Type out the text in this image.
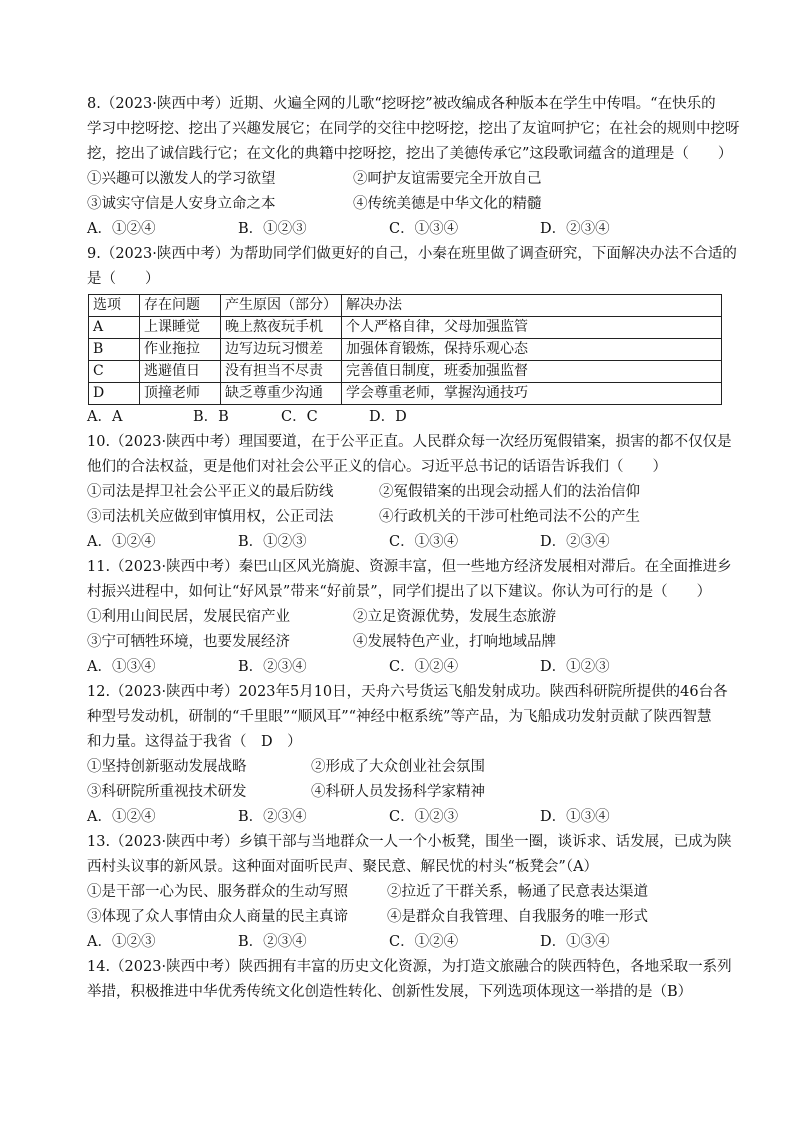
8.（2023·陕西中考）近期、火遍全网的儿歌“挖呀挖”被改编成各种版本在学生中传唱。“在快乐的
学习中挖呀挖、挖出了兴趣发展它；在同学的交往中挖呀挖，挖出了友谊呵护它；在社会的规则中挖呀
挖，挖出了诚信践行它；在文化的典籍中挖呀挖，挖出了美德传承它”这段歌词蕴含的道理是（　　）
①兴趣可以激发人的学习欲望	②呵护友谊需要完全开放自己
③诚实守信是人安身立命之本	④传统美德是中华文化的精髓
A．①②④	B．①②③	C．①③④	D．②③④
9.（2023·陕西中考）为帮助同学们做更好的自己，小秦在班里做了调查研究，下面解决办法不合适的
是（　　）
选项	存在问题	产生原因（部分）	解决办法
A	上课睡觉	晚上熬夜玩手机	个人严格自律，父母加强监管
B	作业拖拉	边写边玩习惯差	加强体育锻炼，保持乐观心态
C	逃避值日	没有担当不尽责	完善值日制度，班委加强监督
D	顶撞老师	缺乏尊重少沟通	学会尊重老师，掌握沟通技巧
A．A	B．B	C．C	D．D
10.（2023·陕西中考）理国要道，在于公平正直。人民群众每一次经历冤假错案，损害的都不仅仅是
他们的合法权益，更是他们对社会公平正义的信心。习近平总书记的话语告诉我们（　　）
①司法是捍卫社会公平正义的最后防线	②冤假错案的出现会动摇人们的法治信仰
③司法机关应做到审慎用权，公正司法	④行政机关的干涉可杜绝司法不公的产生
A．①②④	B．①②③	C．①③④	D．②③④
11.（2023·陕西中考）秦巴山区风光旖旎、资源丰富，但一些地方经济发展相对滞后。在全面推进乡
村振兴进程中，如何让“好风景”带来“好前景”，同学们提出了以下建议。你认为可行的是（　　）
①利用山间民居，发展民宿产业	②立足资源优势，发展生态旅游
③宁可牺牲环境，也要发展经济	④发展特色产业，打响地域品牌
A．①③④	B．②③④	C．①②④	D．①②③
12.（2023·陕西中考）2023年5月10日，天舟六号货运飞船发射成功。陕西科研院所提供的46台各
种型号发动机，研制的“千里眼”“顺风耳”“神经中枢系统”等产品，为飞船成功发射贡献了陕西智慧
和力量。这得益于我省（　D　）
①坚持创新驱动发展战略	②形成了大众创业社会氛围
③科研院所重视技术研发	④科研人员发扬科学家精神
A．①②④	B．②③④	C．①②③	D．①③④
13.（2023·陕西中考）乡镇干部与当地群众一人一个小板凳，围坐一圈，谈诉求、话发展，已成为陕
西村头议事的新风景。这种面对面听民声、聚民意、解民忧的村头“板凳会”（A）
①是干部一心为民、服务群众的生动写照	②拉近了干群关系，畅通了民意表达渠道
③体现了众人事情由众人商量的民主真谛	④是群众自我管理、自我服务的唯一形式
A．①②③	B．②③④	C．①②④	D．①③④
14.（2023·陕西中考）陕西拥有丰富的历史文化资源，为打造文旅融合的陕西特色，各地采取一系列
举措，积极推进中华优秀传统文化创造性转化、创新性发展，下列选项体现这一举措的是（B）
